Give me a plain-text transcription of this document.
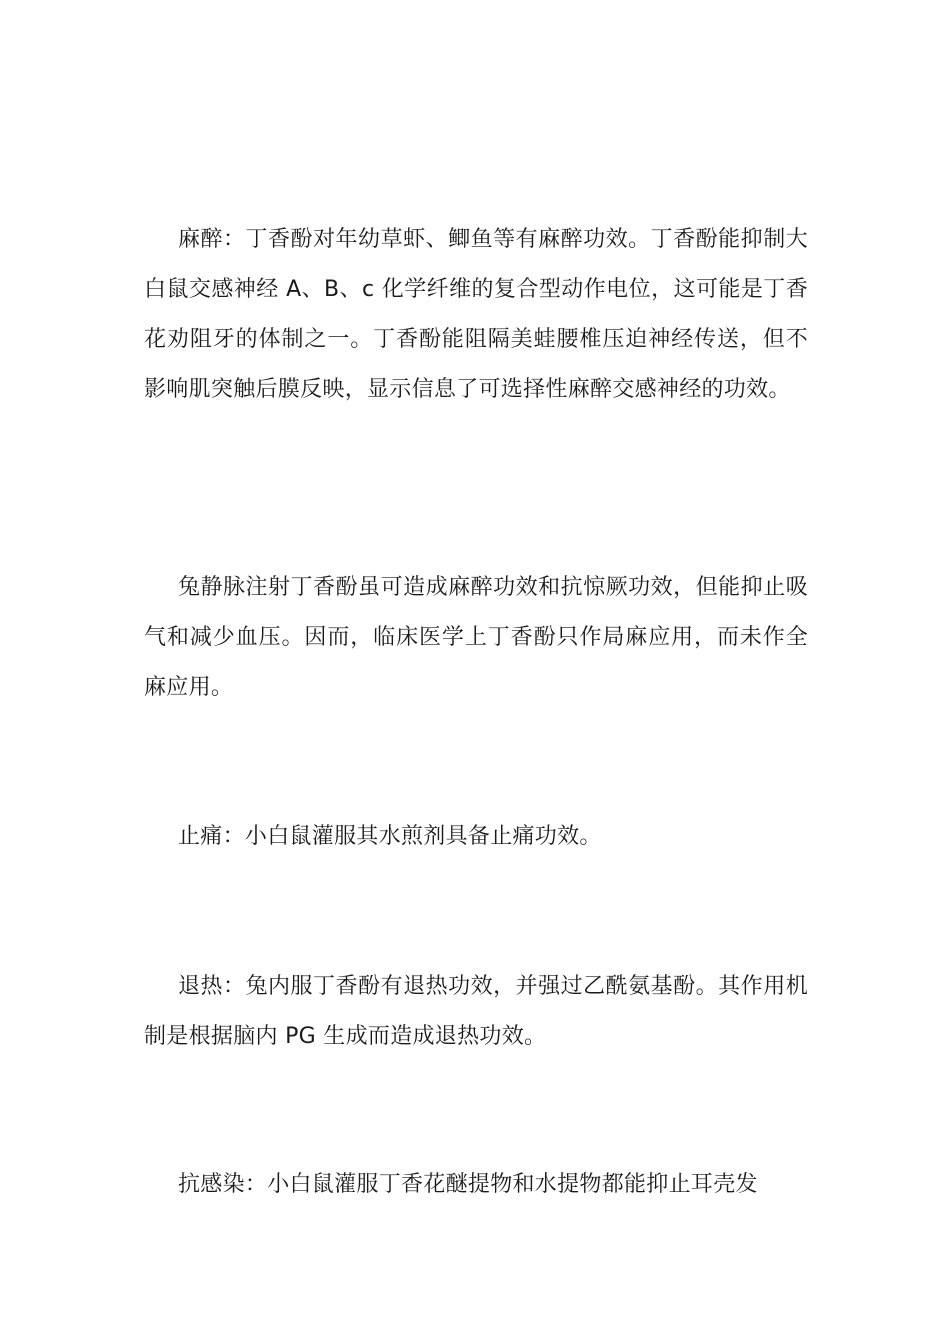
麻醉：丁香酚对年幼草虾、鲫鱼等有麻醉功效。丁香酚能抑制大白鼠交感神经 A、B、c 化学纤维的复合型动作电位，这可能是丁香花劝阻牙的体制之一。丁香酚能阻隔美蛙腰椎压迫神经传送，但不影响肌突触后膜反映，显示信息了可选择性麻醉交感神经的功效。

兔静脉注射丁香酚虽可造成麻醉功效和抗惊厥功效，但能抑止吸气和减少血压。因而，临床医学上丁香酚只作局麻应用，而未作全麻应用。

止痛：小白鼠灌服其水煎剂具备止痛功效。

退热：兔内服丁香酚有退热功效，并强过乙酰氨基酚。其作用机制是根据脑内 PG 生成而造成退热功效。

抗感染：小白鼠灌服丁香花醚提物和水提物都能抑止耳壳发
